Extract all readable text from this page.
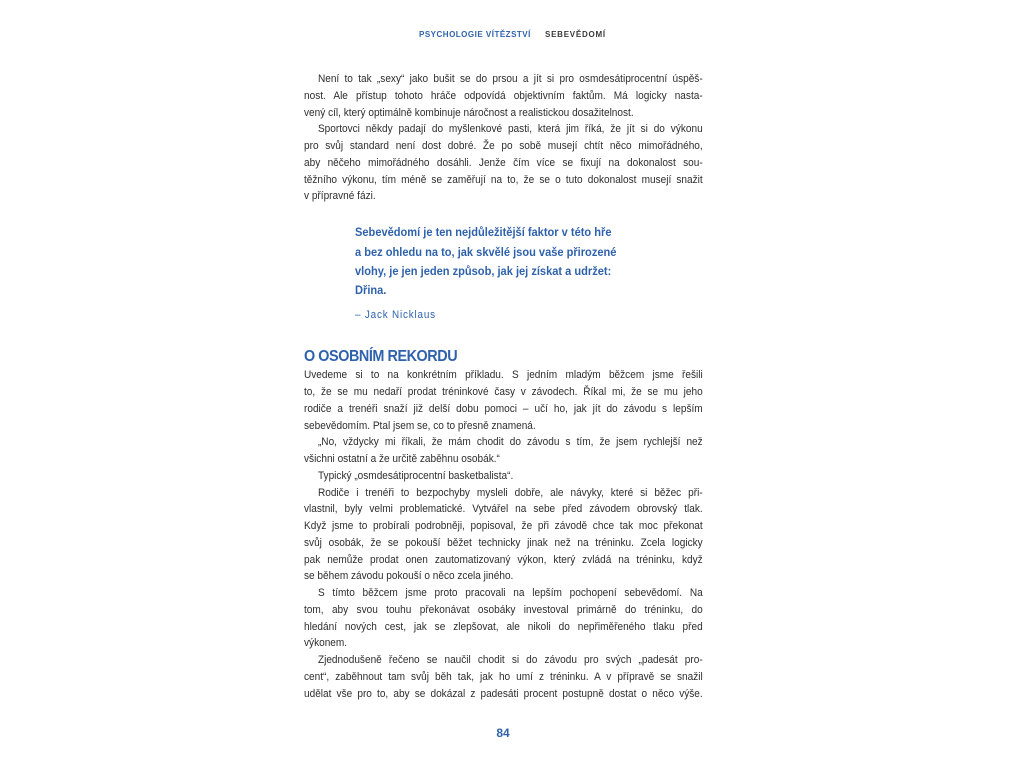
PSYCHOLOGIE VÍTĚZSTVÍ SEBEVĚDOMÍ
Není to tak „sexy“ jako bušit se do prsou a jít si pro osmdesátiprocentní úspěš-
nost. Ale přístup tohoto hráče odpovídá objektivním faktům. Má logicky nasta-
vený cíl, který optimálně kombinuje náročnost a realistickou dosažitelnost.
Sportovci někdy padají do myšlenkové pasti, která jim říká, že jít si do výkonu
pro svůj standard není dost dobré. Že po sobě musejí chtít něco mimořádného,
aby něčeho mimořádného dosáhli. Jenže čím více se fixují na dokonalost sou-
těžního výkonu, tím méně se zaměřují na to, že se o tuto dokonalost musejí snažit
v přípravné fázi.
Sebevědomí je ten nejdůležitější faktor v této hře
a bez ohledu na to, jak skvělé jsou vaše přirozené
vlohy, je jen jeden způsob, jak jej získat a udržet:
Dřina.
– Jack Nicklaus
O OSOBNÍM REKORDU
Uvedeme si to na konkrétním příkladu. S jedním mladým běžcem jsme řešili
to, že se mu nedaří prodat tréninkové časy v závodech. Říkal mi, že se mu jeho
rodiče a trenéři snaží již delší dobu pomoci – učí ho, jak jít do závodu s lepším
sebevědomím. Ptal jsem se, co to přesně znamená.
„No, vždycky mi říkali, že mám chodit do závodu s tím, že jsem rychlejší než
všichni ostatní a že určitě zaběhnu osobák.“
Typický „osmdesátiprocentní basketbalista“.
Rodiče i trenéři to bezpochyby mysleli dobře, ale návyky, které si běžec při-
vlastnil, byly velmi problematické. Vytvářel na sebe před závodem obrovský tlak.
Když jsme to probírali podrobněji, popisoval, že při závodě chce tak moc překonat
svůj osobák, že se pokouší běžet technicky jinak než na tréninku. Zcela logicky
pak nemůže prodat onen zautomatizovaný výkon, který zvládá na tréninku, když
se během závodu pokouší o něco zcela jiného.
S tímto běžcem jsme proto pracovali na lepším pochopení sebevědomí. Na
tom, aby svou touhu překonávat osobáky investoval primárně do tréninku, do
hledání nových cest, jak se zlepšovat, ale nikoli do nepřiměřeného tlaku před
výkonem.
Zjednodušeně řečeno se naučil chodit si do závodu pro svých „padesát pro-
cent“, zaběhnout tam svůj běh tak, jak ho umí z tréninku. A v přípravě se snažil
udělat vše pro to, aby se dokázal z padesáti procent postupně dostat o něco výše.
84
